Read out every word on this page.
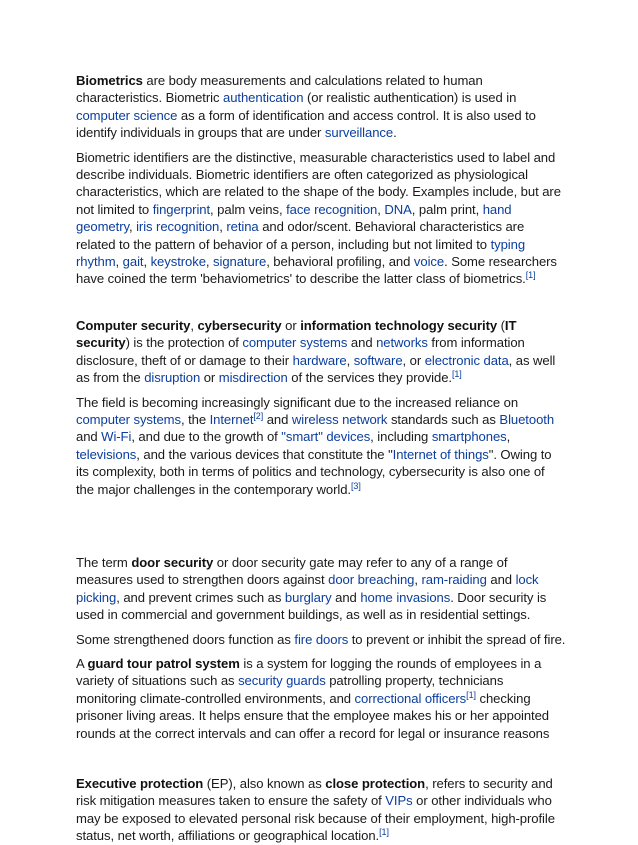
Biometrics are body measurements and calculations related to human characteristics. Biometric authentication (or realistic authentication) is used in computer science as a form of identification and access control. It is also used to identify individuals in groups that are under surveillance.

Biometric identifiers are the distinctive, measurable characteristics used to label and describe individuals. Biometric identifiers are often categorized as physiological characteristics, which are related to the shape of the body. Examples include, but are not limited to fingerprint, palm veins, face recognition, DNA, palm print, hand geometry, iris recognition, retina and odor/scent. Behavioral characteristics are related to the pattern of behavior of a person, including but not limited to typing rhythm, gait, keystroke, signature, behavioral profiling, and voice. Some researchers have coined the term 'behaviometrics' to describe the latter class of biometrics.[1]

Computer security, cybersecurity or information technology security (IT security) is the protection of computer systems and networks from information disclosure, theft of or damage to their hardware, software, or electronic data, as well as from the disruption or misdirection of the services they provide.[1]

The field is becoming increasingly significant due to the increased reliance on computer systems, the Internet[2] and wireless network standards such as Bluetooth and Wi-Fi, and due to the growth of "smart" devices, including smartphones, televisions, and the various devices that constitute the "Internet of things". Owing to its complexity, both in terms of politics and technology, cybersecurity is also one of the major challenges in the contemporary world.[3]

The term door security or door security gate may refer to any of a range of measures used to strengthen doors against door breaching, ram-raiding and lock picking, and prevent crimes such as burglary and home invasions. Door security is used in commercial and government buildings, as well as in residential settings.

Some strengthened doors function as fire doors to prevent or inhibit the spread of fire.

A guard tour patrol system is a system for logging the rounds of employees in a variety of situations such as security guards patrolling property, technicians monitoring climate-controlled environments, and correctional officers[1] checking prisoner living areas. It helps ensure that the employee makes his or her appointed rounds at the correct intervals and can offer a record for legal or insurance reasons

Executive protection (EP), also known as close protection, refers to security and risk mitigation measures taken to ensure the safety of VIPs or other individuals who may be exposed to elevated personal risk because of their employment, high-profile status, net worth, affiliations or geographical location.[1]
